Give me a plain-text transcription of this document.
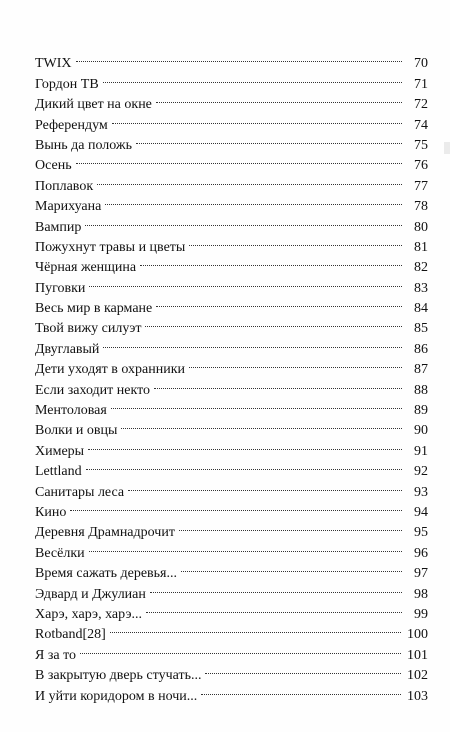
TWIX	70
Гордон ТВ	71
Дикий цвет на окне	72
Референдум	74
Вынь да положь	75
Осень	76
Поплавок	77
Марихуана	78
Вампир	80
Пожухнут травы и цветы	81
Чёрная женщина	82
Пуговки	83
Весь мир в кармане	84
Твой вижу силуэт	85
Двуглавый	86
Дети уходят в охранники	87
Если заходит некто	88
Ментоловая	89
Волки и овцы	90
Химеры	91
Lettland	92
Санитары леса	93
Кино	94
Деревня Драмнадрочит	95
Весёлки	96
Время сажать деревья...	97
Эдвард и Джулиан	98
Харэ, харэ, харэ...	99
Rotband[28]	100
Я за то	101
В закрытую дверь стучать...	102
И уйти коридором в ночи...	103
